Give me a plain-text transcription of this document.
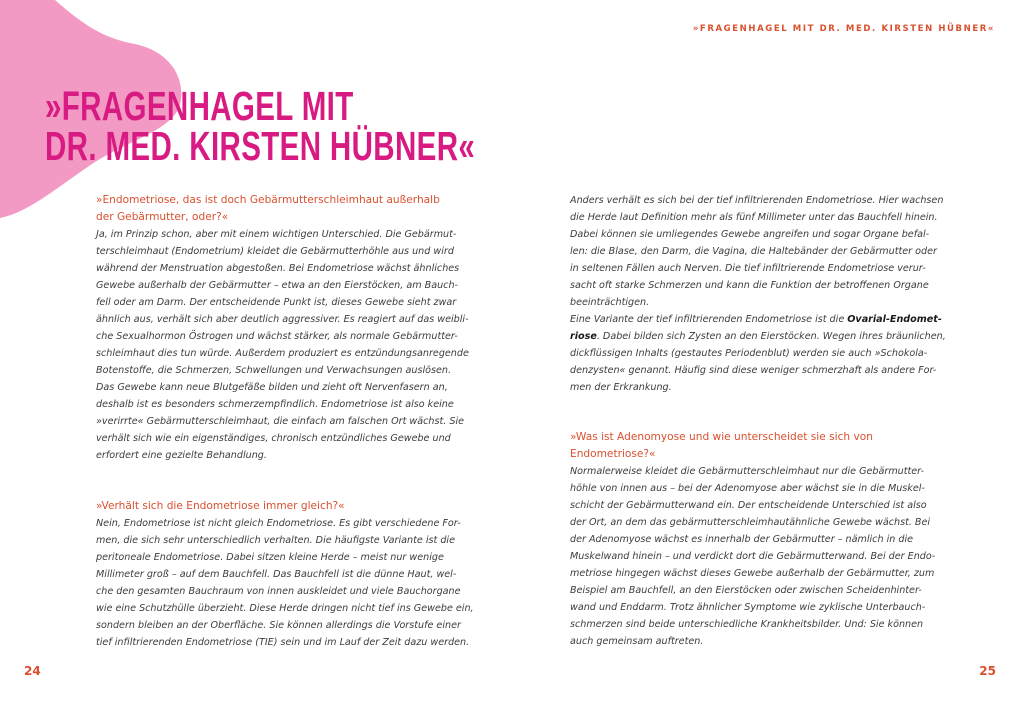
»FRAGENHAGEL MIT DR. MED. KIRSTEN HÜBNER«
»FRAGENHAGEL MIT
DR. MED. KIRSTEN HÜBNER«
»Endometriose, das ist doch Gebärmutterschleimhaut außerhalb
der Gebärmutter, oder?«
Ja, im Prinzip schon, aber mit einem wichtigen Unterschied. Die Gebärmut-
terschleimhaut (Endometrium) kleidet die Gebärmutterhöhle aus und wird
während der Menstruation abgestoßen. Bei Endometriose wächst ähnliches
Gewebe außerhalb der Gebärmutter – etwa an den Eierstöcken, am Bauch-
fell oder am Darm. Der entscheidende Punkt ist, dieses Gewebe sieht zwar
ähnlich aus, verhält sich aber deutlich aggressiver. Es reagiert auf das weibli-
che Sexualhormon Östrogen und wächst stärker, als normale Gebärmutter-
schleimhaut dies tun würde. Außerdem produziert es entzündungsanregende
Botenstoffe, die Schmerzen, Schwellungen und Verwachsungen auslösen.
Das Gewebe kann neue Blutgefäße bilden und zieht oft Nervenfasern an,
deshalb ist es besonders schmerzempfindlich. Endometriose ist also keine
»verirrte« Gebärmutterschleimhaut, die einfach am falschen Ort wächst. Sie
verhält sich wie ein eigenständiges, chronisch entzündliches Gewebe und
erfordert eine gezielte Behandlung.
»Verhält sich die Endometriose immer gleich?«
Nein, Endometriose ist nicht gleich Endometriose. Es gibt verschiedene For-
men, die sich sehr unterschiedlich verhalten. Die häufigste Variante ist die
peritoneale Endometriose. Dabei sitzen kleine Herde – meist nur wenige
Millimeter groß – auf dem Bauchfell. Das Bauchfell ist die dünne Haut, wel-
che den gesamten Bauchraum von innen auskleidet und viele Bauchorgane
wie eine Schutzhülle überzieht. Diese Herde dringen nicht tief ins Gewebe ein,
sondern bleiben an der Oberfläche. Sie können allerdings die Vorstufe einer
tief infiltrierenden Endometriose (TIE) sein und im Lauf der Zeit dazu werden.
Anders verhält es sich bei der tief infiltrierenden Endometriose. Hier wachsen
die Herde laut Definition mehr als fünf Millimeter unter das Bauchfell hinein.
Dabei können sie umliegendes Gewebe angreifen und sogar Organe befal-
len: die Blase, den Darm, die Vagina, die Haltebänder der Gebärmutter oder
in seltenen Fällen auch Nerven. Die tief infiltrierende Endometriose verur-
sacht oft starke Schmerzen und kann die Funktion der betroffenen Organe
beeinträchtigen.
Eine Variante der tief infiltrierenden Endometriose ist die Ovarial-Endomet-
riose. Dabei bilden sich Zysten an den Eierstöcken. Wegen ihres bräunlichen,
dickflüssigen Inhalts (gestautes Periodenblut) werden sie auch »Schokola-
denzysten« genannt. Häufig sind diese weniger schmerzhaft als andere For-
men der Erkrankung.
»Was ist Adenomyose und wie unterscheidet sie sich von
Endometriose?«
Normalerweise kleidet die Gebärmutterschleimhaut nur die Gebärmutter-
höhle von innen aus – bei der Adenomyose aber wächst sie in die Muskel-
schicht der Gebärmutterwand ein. Der entscheidende Unterschied ist also
der Ort, an dem das gebärmutterschleimhautähnliche Gewebe wächst. Bei
der Adenomyose wächst es innerhalb der Gebärmutter – nämlich in die
Muskelwand hinein – und verdickt dort die Gebärmutterwand. Bei der Endo-
metriose hingegen wächst dieses Gewebe außerhalb der Gebärmutter, zum
Beispiel am Bauchfell, an den Eierstöcken oder zwischen Scheidenhinter-
wand und Enddarm. Trotz ähnlicher Symptome wie zyklische Unterbauch-
schmerzen sind beide unterschiedliche Krankheitsbilder. Und: Sie können
auch gemeinsam auftreten.
24	25
